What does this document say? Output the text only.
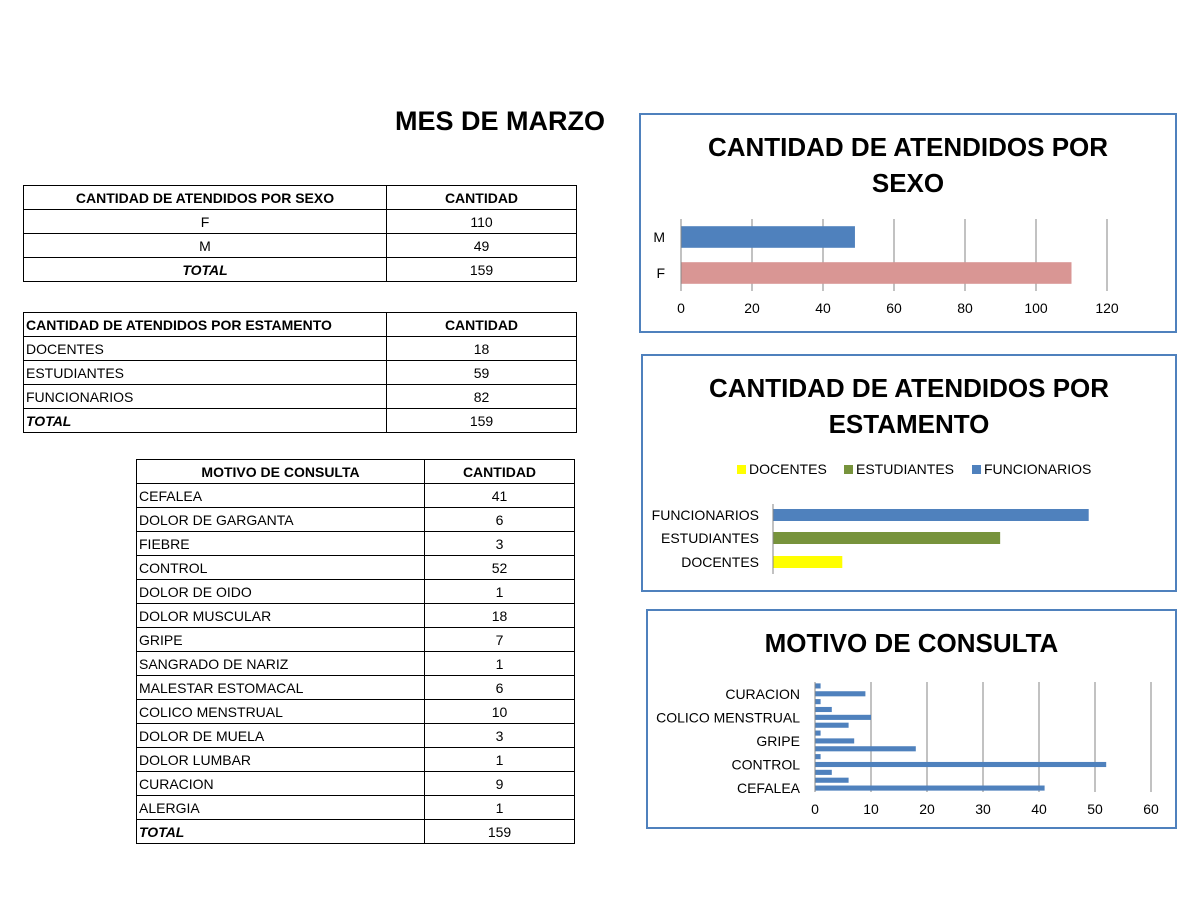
MES DE MARZO
CANTIDAD DE ATENDIDOS POR SEXO	CANTIDAD
F	110
M	49
TOTAL	159
CANTIDAD DE ATENDIDOS POR ESTAMENTO	CANTIDAD
DOCENTES	18
ESTUDIANTES	59
FUNCIONARIOS	82
TOTAL	159
MOTIVO DE CONSULTA	CANTIDAD
CEFALEA	41
DOLOR DE GARGANTA	6
FIEBRE	3
CONTROL	52
DOLOR DE OIDO	1
DOLOR MUSCULAR	18
GRIPE	7
SANGRADO DE NARIZ	1
MALESTAR ESTOMACAL	6
COLICO MENSTRUAL	10
DOLOR DE MUELA	3
DOLOR LUMBAR	1
CURACION	9
ALERGIA	1
TOTAL	159
CANTIDAD DE ATENDIDOS POR
SEXO
0	20	40	60	80	100	120
F
M
CANTIDAD DE ATENDIDOS POR
ESTAMENTO
DOCENTES ESTUDIANTES FUNCIONARIOS
DOCENTES
ESTUDIANTES
FUNCIONARIOS
MOTIVO DE CONSULTA
0	10	20	30	40	50	60
CEFALEA
CONTROL
GRIPE
COLICO MENSTRUAL
CURACION
